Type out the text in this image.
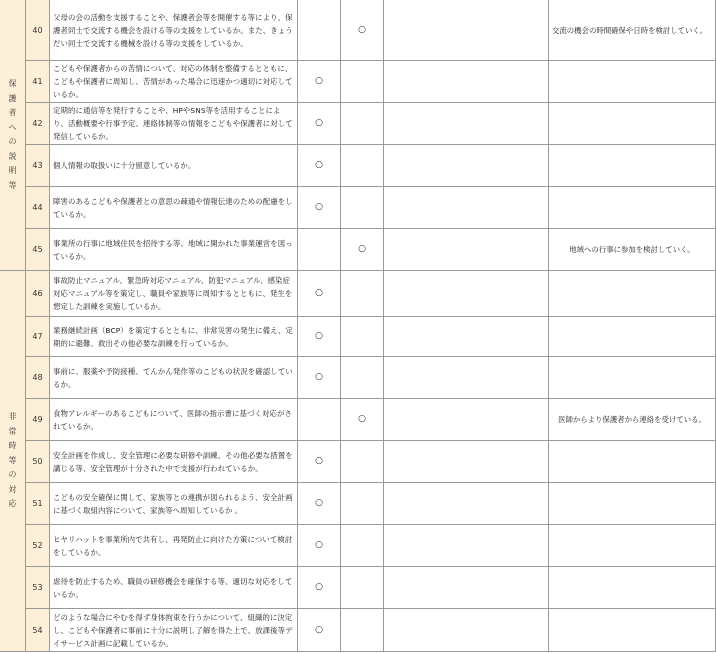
保護者への説明等	40	父母の会の活動を支援することや、保護者会等を開催する等により、保護者同士で交流する機会を設ける等の支援をしているか。また、きょうだい同士で交流する機械を設ける等の支援をしているか。		○		交流の機会の時間確保や日時を検討していく。
	41	こどもや保護者からの苦情について、対応の体制を整備するとともに、こどもや保護者に周知し、苦情があった場合に迅速かつ適切に対応しているか。	○			
	42	定期的に通信等を発行することや、HPやSNS等を活用することにより、活動概要や行事予定、連絡体制等の情報をこどもや保護者に対して発信しているか。	○			
	43	個人情報の取扱いに十分留意しているか。	○			
	44	障害のあるこどもや保護者との意思の疎通や情報伝達のための配慮をしているか。	○			
	45	事業所の行事に地域住民を招待する等、地域に開かれた事業運営を図っているか。		○		地域への行事に参加を検討していく。
非常時等の対応	46	事故防止マニュアル、緊急時対応マニュアル、防犯マニュアル、感染症対応マニュアル等を策定し、職員や家族等に周知するとともに、発生を想定した訓練を実施しているか。	○			
	47	業務継続計画（BCP）を策定するとともに、非常災害の発生に備え、定期的に避難、救出その他必要な訓練を行っているか。	○			
	48	事前に、服薬や予防接種、てんかん発作等のこどもの状況を確認しているか。	○			
	49	食物アレルギーのあるこどもについて、医師の指示書に基づく対応がされているか。		○		医師からより保護者から連絡を受けている。
	50	安全計画を作成し、安全管理に必要な研修や訓練、その他必要な措置を講じる等、安全管理が十分された中で支援が行われているか。	○			
	51	こどもの安全確保に関して、家族等との連携が図られるよう、安全計画に基づく取組内容について、家族等へ周知しているか 。	○			
	52	ヒヤリハットを事業所内で共有し、再発防止に向けた方策について検討をしているか。	○			
	53	虐待を防止するため、職員の研修機会を確保する等、適切な対応をしているか。	○			
	54	どのような場合にやむを得ず身体拘束を行うかについて、組織的に決定し、こどもや保護者に事前に十分に説明し了解を得た上で、放課後等デイサービス計画に記載しているか。	○			
